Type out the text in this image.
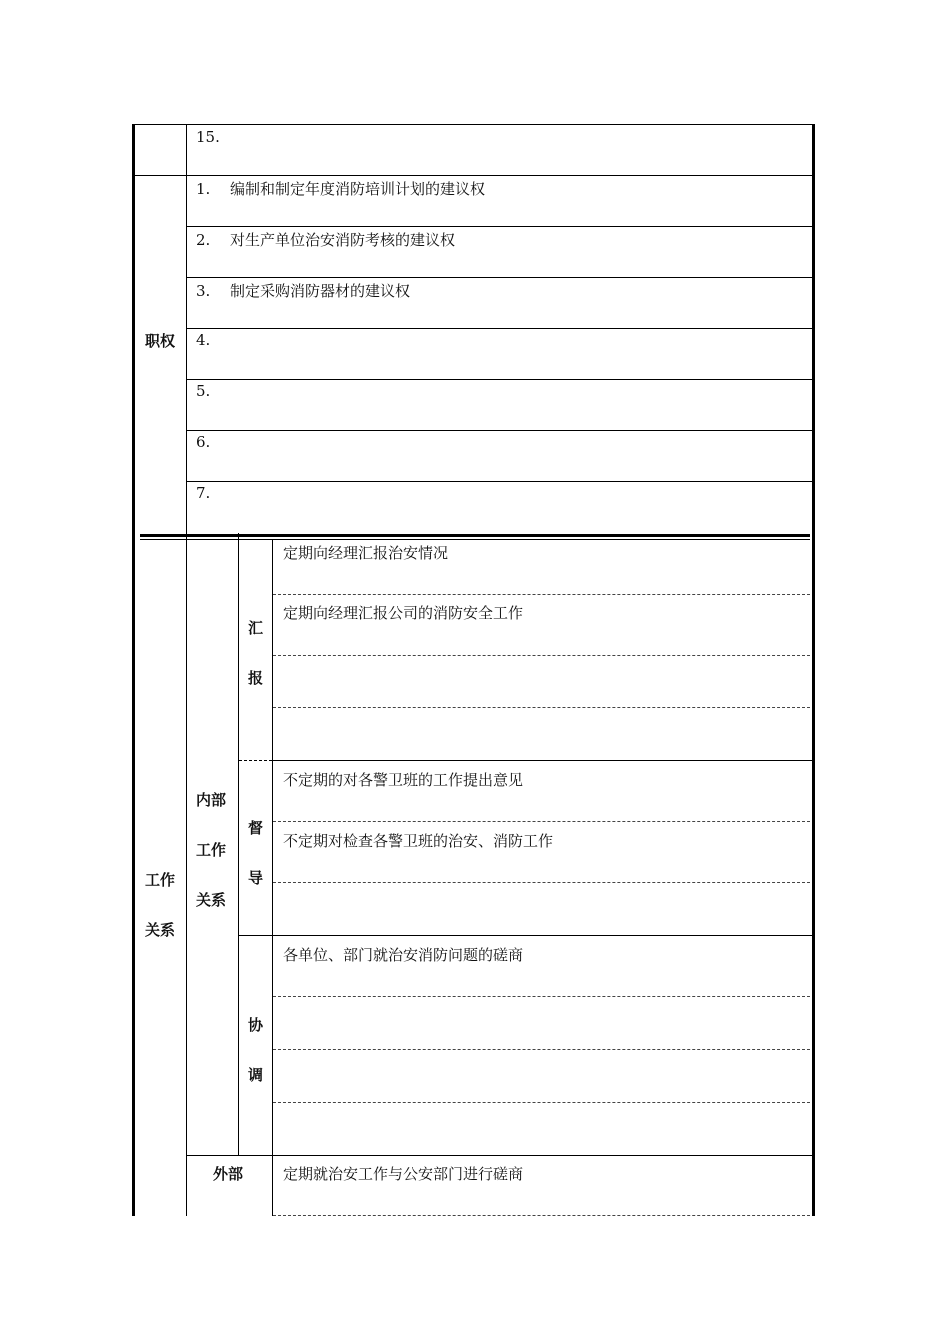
15.
职权
1. 编制和制定年度消防培训计划的建议权
2. 对生产单位治安消防考核的建议权
3. 制定采购消防器材的建议权
4.
5.
6.
7.
工作
关系
内部
工作
关系
汇
报
定期向经理汇报治安情况
定期向经理汇报公司的消防安全工作
督
导
不定期的对各警卫班的工作提出意见
不定期对检查各警卫班的治安、消防工作
协
调
各单位、部门就治安消防问题的磋商
外部	定期就治安工作与公安部门进行磋商
